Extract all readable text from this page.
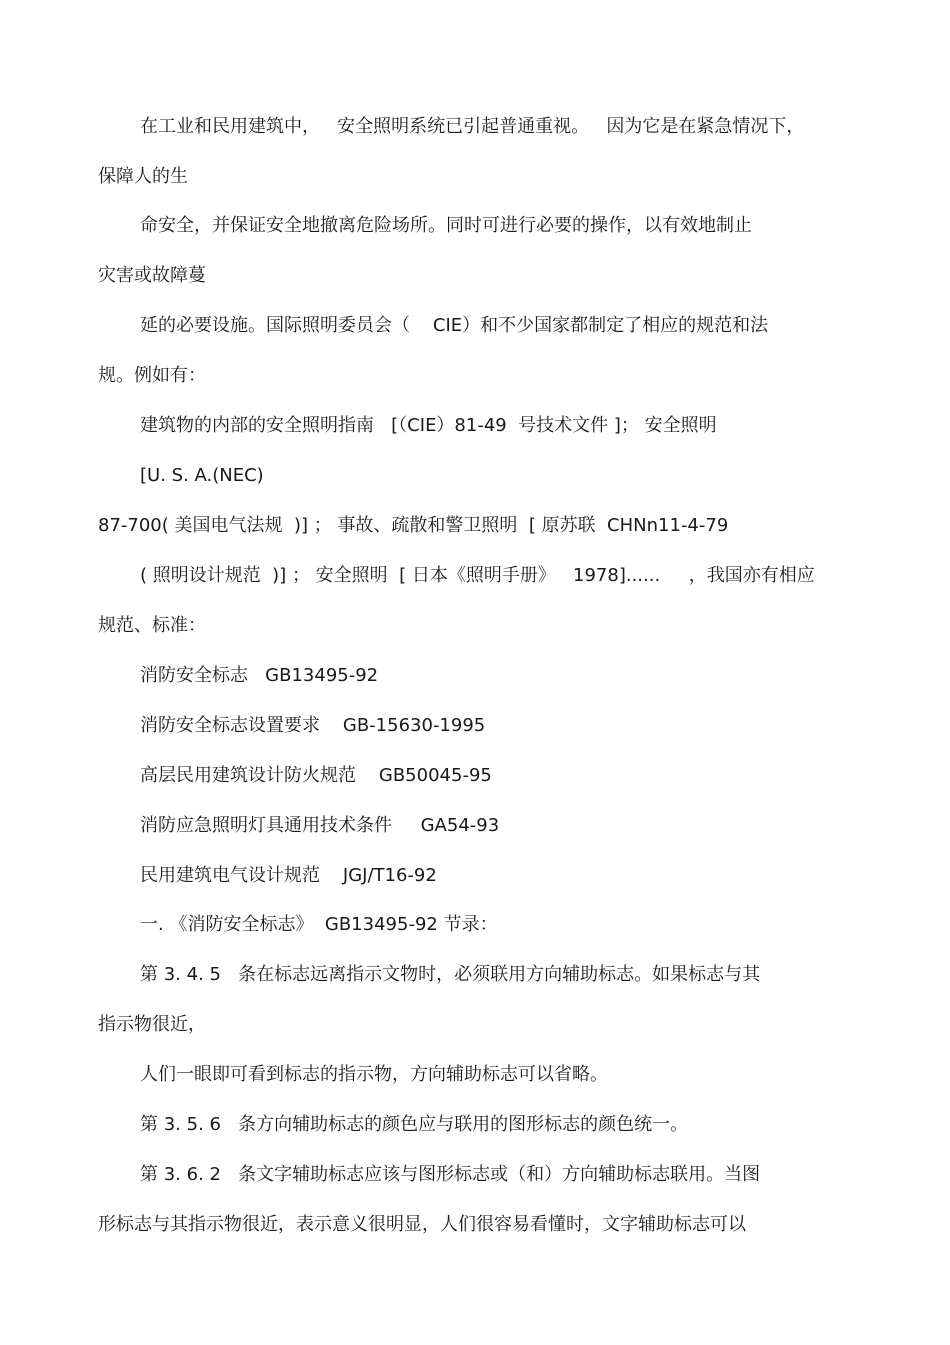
在工业和民用建筑中，   安全照明系统已引起普通重视。   因为它是在紧急情况下，
保障人的生
命安全，并保证安全地撤离危险场所。同时可进行必要的操作，以有效地制止
灾害或故障蔓
延的必要设施。国际照明委员会（    CIE）和不少国家都制定了相应的规范和法
规。例如有：
建筑物的内部的安全照明指南   [（CIE）81-49  号技术文件 ]； 安全照明
[U. S. A.(NEC)
87-700( 美国电气法规  )] ； 事故、疏散和警卫照明  [ 原苏联  CHNn11-4-79
( 照明设计规范  )] ； 安全照明  [ 日本《照明手册》   1978]......     ，我国亦有相应
规范、标准：
消防安全标志   GB13495-92
消防安全标志设置要求    GB-15630-1995
高层民用建筑设计防火规范    GB50045-95
消防应急照明灯具通用技术条件     GA54-93
民用建筑电气设计规范    JGJ/T16-92
一. 《消防安全标志》  GB13495-92 节录：
第 3. 4. 5   条在标志远离指示文物时，必须联用方向辅助标志。如果标志与其
指示物很近，
人们一眼即可看到标志的指示物，方向辅助标志可以省略。
第 3. 5. 6   条方向辅助标志的颜色应与联用的图形标志的颜色统一。
第 3. 6. 2   条文字辅助标志应该与图形标志或（和）方向辅助标志联用。当图
形标志与其指示物很近，表示意义很明显，人们很容易看懂时，文字辅助标志可以
